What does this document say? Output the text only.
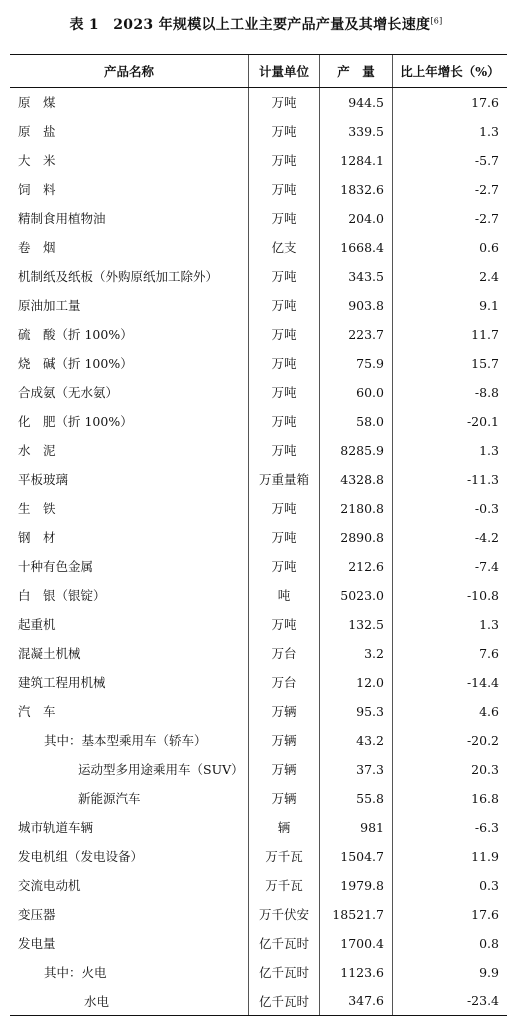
表 1　2023 年规模以上工业主要产品产量及其增长速度[6]
产品名称	计量单位	产　量	比上年增长（%）
原　煤	万吨	944.5	17.6
原　盐	万吨	339.5	1.3
大　米	万吨	1284.1	-5.7
饲　料	万吨	1832.6	-2.7
精制食用植物油	万吨	204.0	-2.7
卷　烟	亿支	1668.4	0.6
机制纸及纸板（外购原纸加工除外）	万吨	343.5	2.4
原油加工量	万吨	903.8	9.1
硫　酸（折 100%）	万吨	223.7	11.7
烧　碱（折 100%）	万吨	75.9	15.7
合成氨（无水氨）	万吨	60.0	-8.8
化　肥（折 100%）	万吨	58.0	-20.1
水　泥	万吨	8285.9	1.3
平板玻璃	万重量箱	4328.8	-11.3
生　铁	万吨	2180.8	-0.3
钢　材	万吨	2890.8	-4.2
十种有色金属	万吨	212.6	-7.4
白　银（银锭）	吨	5023.0	-10.8
起重机	万吨	132.5	1.3
混凝土机械	万台	3.2	7.6
建筑工程用机械	万台	12.0	-14.4
汽　车	万辆	95.3	4.6
其中：基本型乘用车（轿车）	万辆	43.2	-20.2
运动型多用途乘用车（SUV）	万辆	37.3	20.3
新能源汽车	万辆	55.8	16.8
城市轨道车辆	辆	981	-6.3
发电机组（发电设备）	万千瓦	1504.7	11.9
交流电动机	万千瓦	1979.8	0.3
变压器	万千伏安	18521.7	17.6
发电量	亿千瓦时	1700.4	0.8
其中：火电	亿千瓦时	1123.6	9.9
水电	亿千瓦时	347.6	-23.4
